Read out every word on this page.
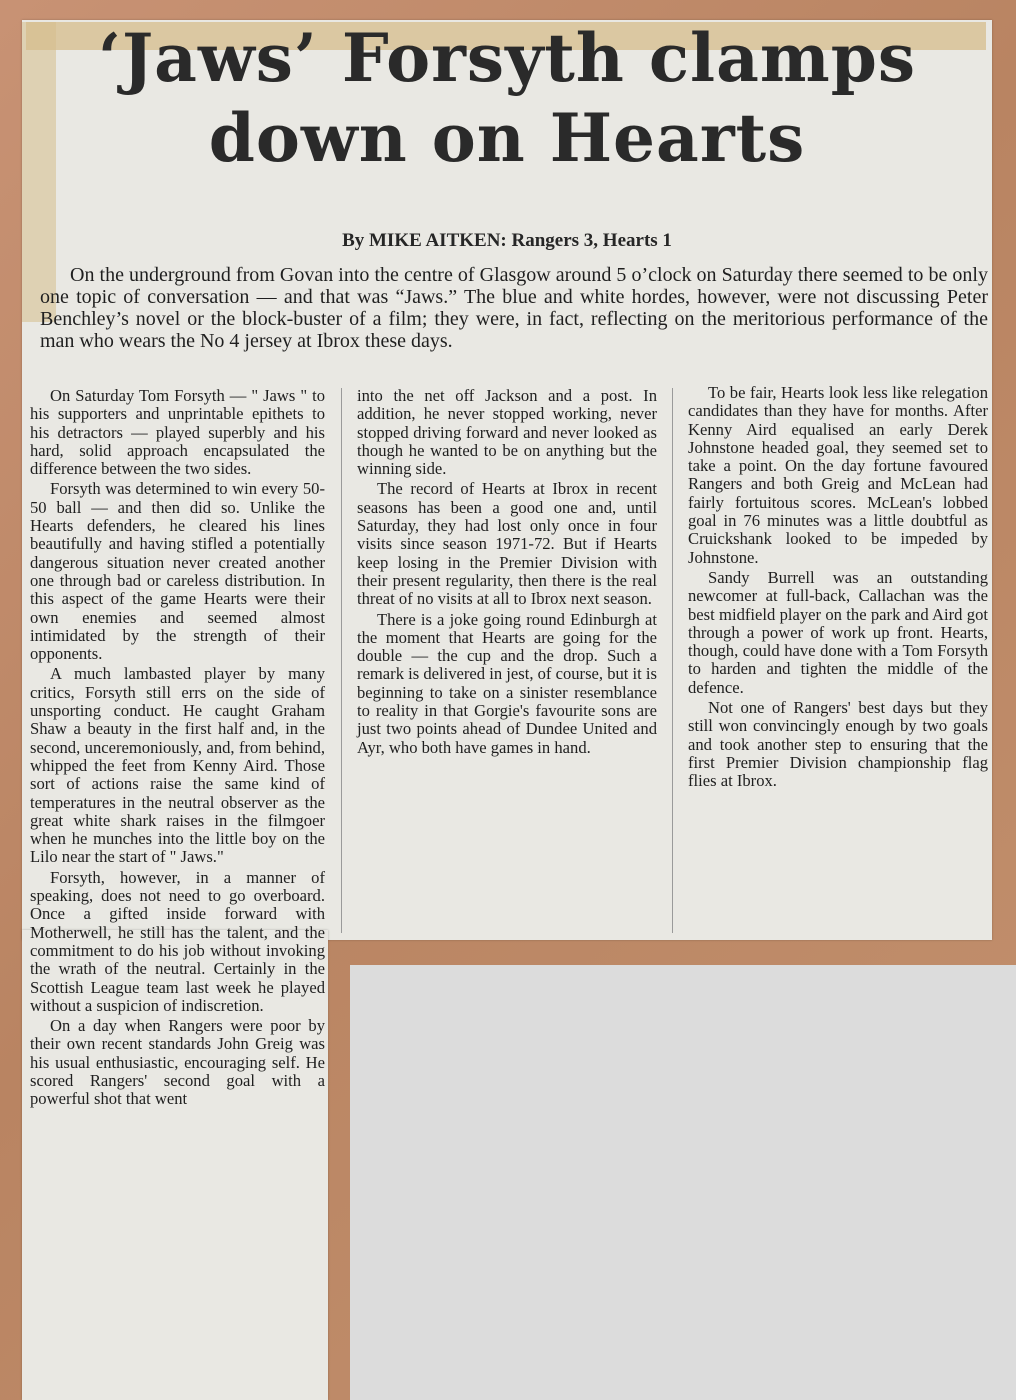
‘Jaws’ Forsyth clamps
down on Hearts
By MIKE AITKEN: Rangers 3, Hearts 1

On the underground from Govan into the centre of Glasgow around 5 o’clock on Saturday there seemed to be only one topic of conversation — and that was “Jaws.” The blue and white hordes, however, were not discussing Peter Benchley’s novel or the block-buster of a film; they were, in fact, reflecting on the meritorious performance of the man who wears the No 4 jersey at Ibrox these days.

On Saturday Tom Forsyth — " Jaws " to his supporters and unprintable epithets to his detractors — played superbly and his hard, solid approach encapsulated the difference between the two sides.

Forsyth was determined to win every 50-50 ball — and then did so. Unlike the Hearts defenders, he cleared his lines beautifully and having stifled a potentially dangerous situation never created another one through bad or careless distribution. In this aspect of the game Hearts were their own enemies and seemed almost intimidated by the strength of their opponents.

A much lambasted player by many critics, Forsyth still errs on the side of unsporting conduct. He caught Graham Shaw a beauty in the first half and, in the second, unceremoniously, and, from behind, whipped the feet from Kenny Aird. Those sort of actions raise the same kind of temperatures in the neutral observer as the great white shark raises in the filmgoer when he munches into the little boy on the Lilo near the start of " Jaws."

Forsyth, however, in a manner of speaking, does not need to go overboard. Once a gifted inside forward with Motherwell, he still has the talent, and the commitment to do his job without invoking the wrath of the neutral. Certainly in the Scottish League team last week he played without a suspicion of indiscretion.

On a day when Rangers were poor by their own recent standards John Greig was his usual enthusiastic, encouraging self. He scored Rangers' second goal with a powerful shot that went

into the net off Jackson and a post. In addition, he never stopped working, never stopped driving forward and never looked as though he wanted to be on anything but the winning side.

The record of Hearts at Ibrox in recent seasons has been a good one and, until Saturday, they had lost only once in four visits since season 1971-72. But if Hearts keep losing in the Premier Division with their present regularity, then there is the real threat of no visits at all to Ibrox next season.

There is a joke going round Edinburgh at the moment that Hearts are going for the double — the cup and the drop. Such a remark is delivered in jest, of course, but it is beginning to take on a sinister resemblance to reality in that Gorgie's favourite sons are just two points ahead of Dundee United and Ayr, who both have games in hand.

To be fair, Hearts look less like relegation candidates than they have for months. After Kenny Aird equalised an early Derek Johnstone headed goal, they seemed set to take a point. On the day fortune favoured Rangers and both Greig and McLean had fairly fortuitous scores. McLean's lobbed goal in 76 minutes was a little doubtful as Cruickshank looked to be impeded by Johnstone.

Sandy Burrell was an outstanding newcomer at full-back, Callachan was the best midfield player on the park and Aird got through a power of work up front. Hearts, though, could have done with a Tom Forsyth to harden and tighten the middle of the defence.

Not one of Rangers' best days but they still won convincingly enough by two goals and took another step to ensuring that the first Premier Division championship flag flies at Ibrox.
